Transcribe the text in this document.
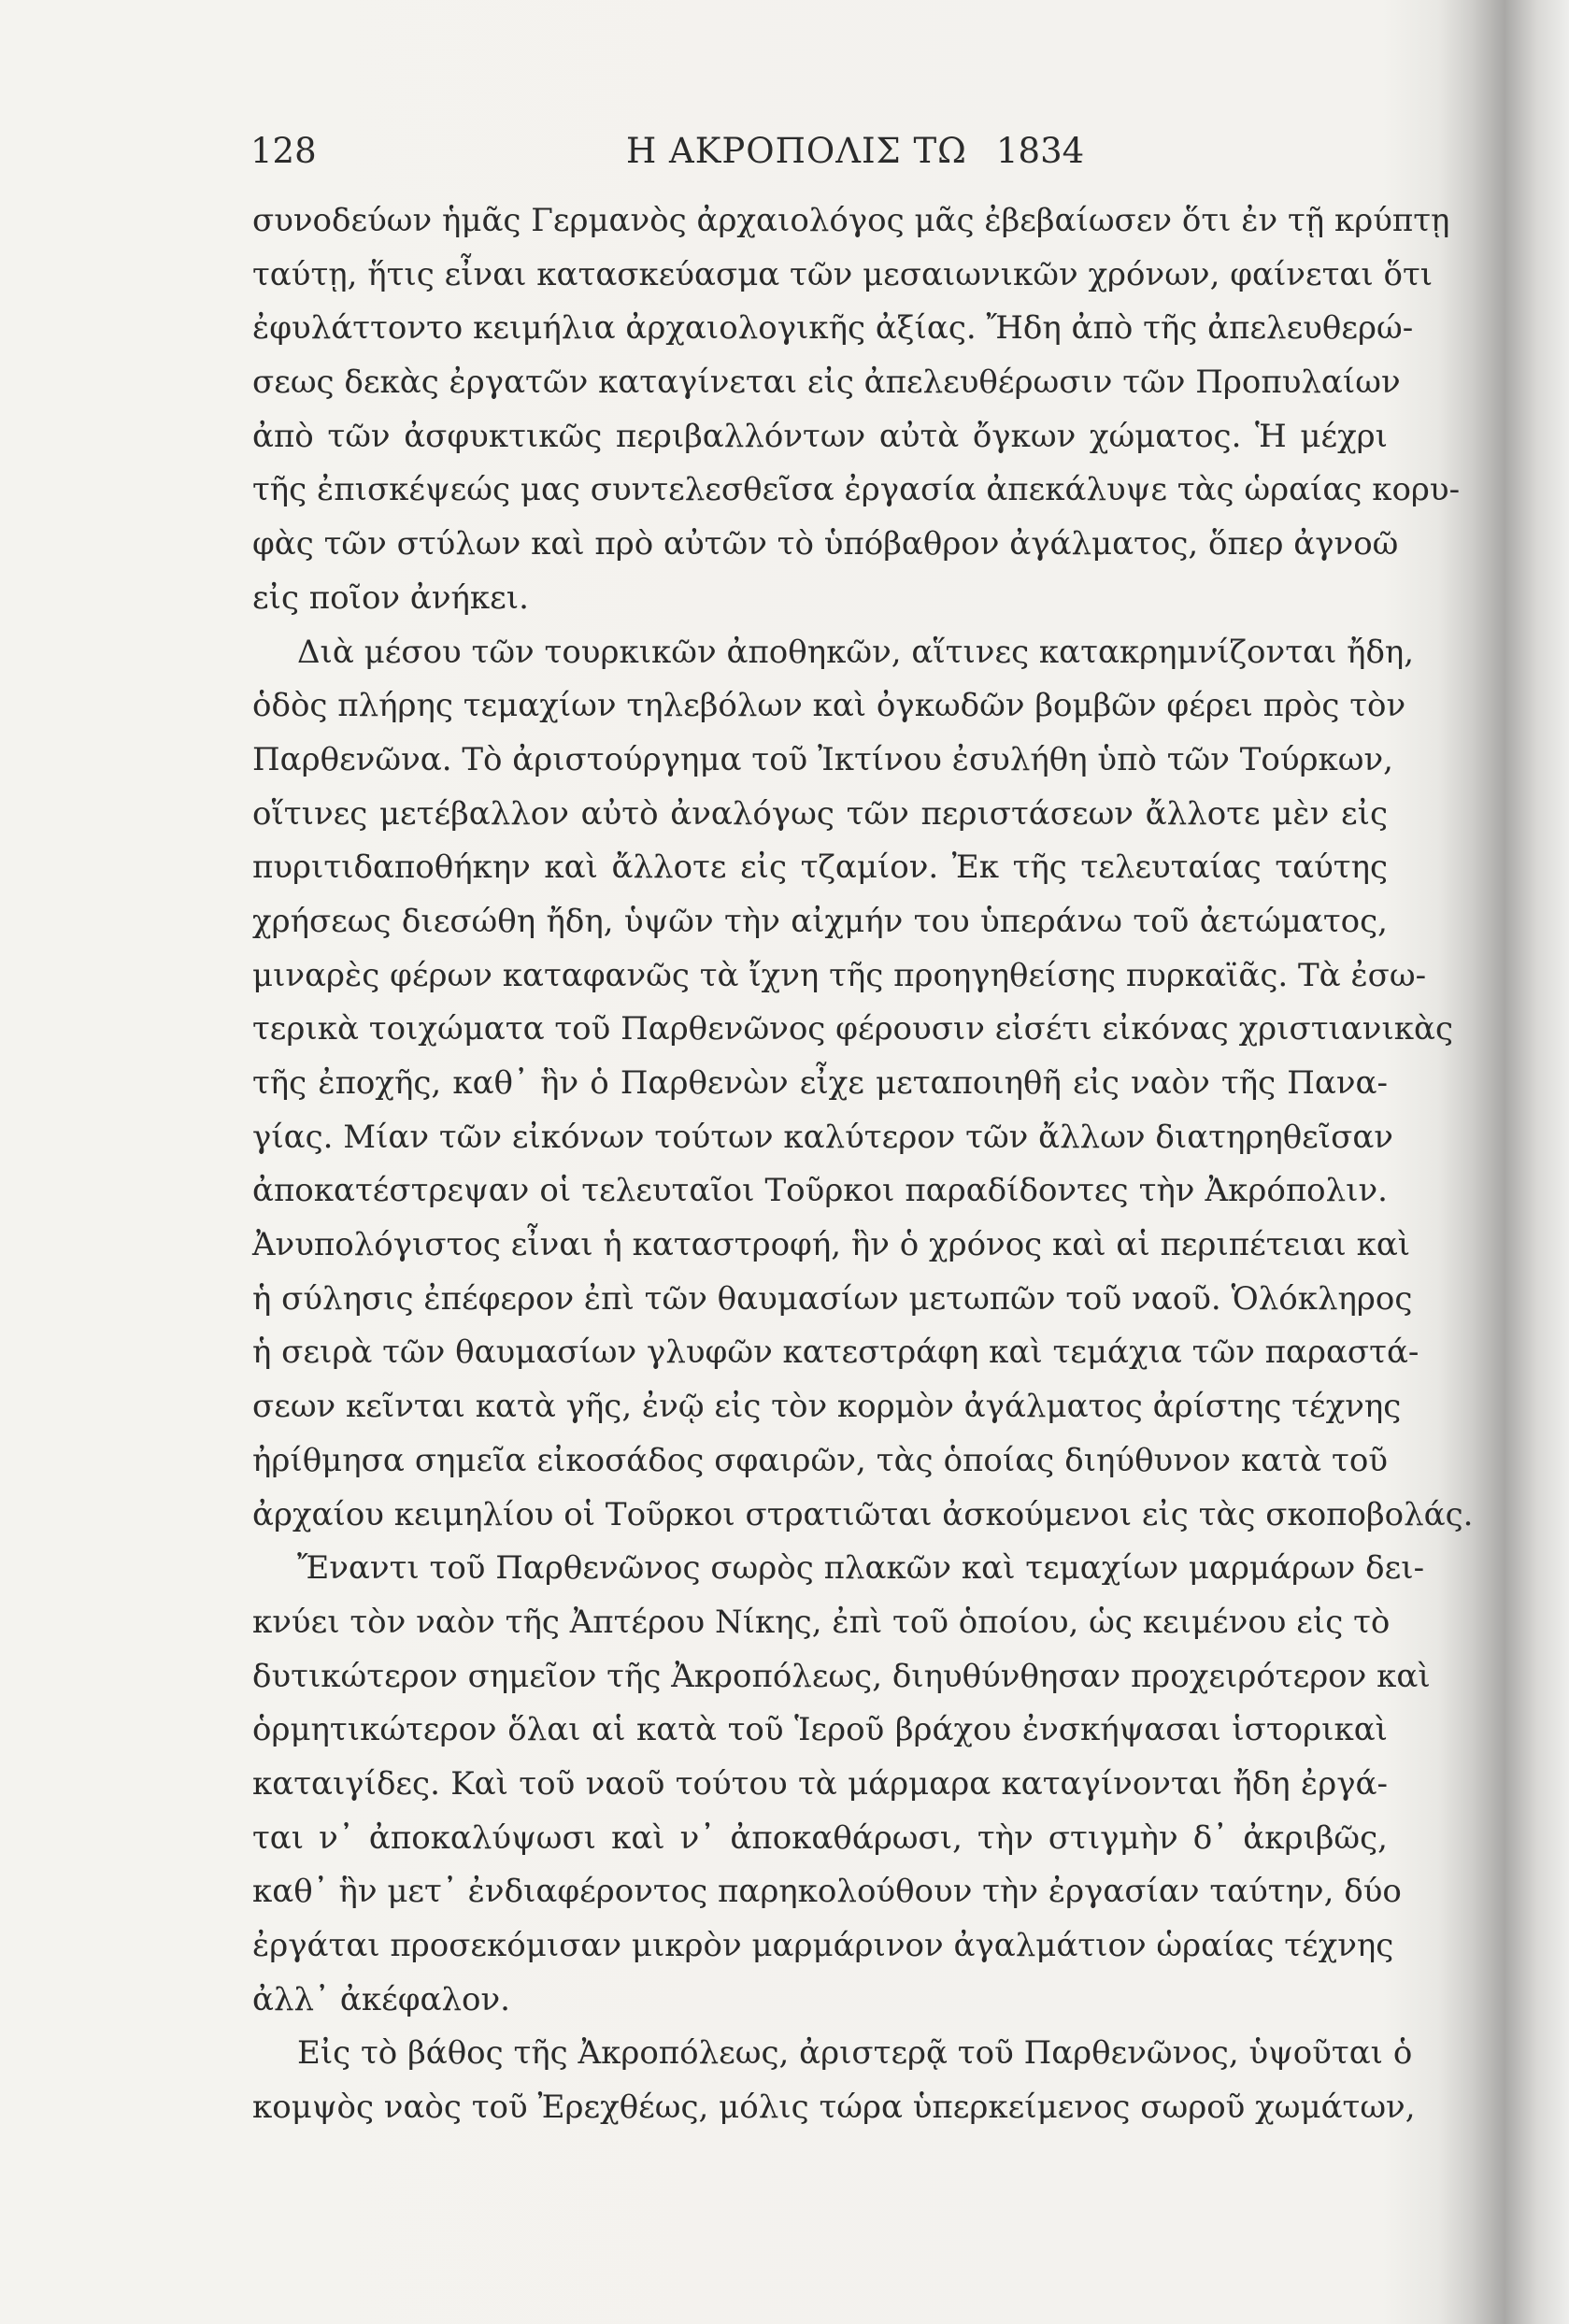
128	Η ΑΚΡΟΠΟΛΙΣ ΤΩ 1834
συνοδεύων ἡμᾶς Γερμανὸς ἀρχαιολόγος μᾶς ἐβεβαίωσεν ὅτι ἐν τῇ κρύπτῃ
ταύτῃ, ἥτις εἶναι κατασκεύασμα τῶν μεσαιωνικῶν χρόνων, φαίνεται ὅτι
ἐφυλάττοντο κειμήλια ἀρχαιολογικῆς ἀξίας. Ἤδη ἀπὸ τῆς ἀπελευθερώ-
σεως δεκὰς ἐργατῶν καταγίνεται εἰς ἀπελευθέρωσιν τῶν Προπυλαίων
ἀπὸ τῶν ἀσφυκτικῶς περιβαλλόντων αὐτὰ ὄγκων χώματος. Ἡ μέχρι
τῆς ἐπισκέψεώς μας συντελεσθεῖσα ἐργασία ἀπεκάλυψε τὰς ὡραίας κορυ-
φὰς τῶν στύλων καὶ πρὸ αὐτῶν τὸ ὑπόβαθρον ἀγάλματος, ὅπερ ἀγνοῶ
εἰς ποῖον ἀνήκει.
Διὰ μέσου τῶν τουρκικῶν ἀποθηκῶν, αἵτινες κατακρημνίζονται ἤδη,
ὁδὸς πλήρης τεμαχίων τηλεβόλων καὶ ὀγκωδῶν βομβῶν φέρει πρὸς τὸν
Παρθενῶνα. Τὸ ἀριστούργημα τοῦ Ἰκτίνου ἐσυλήθη ὑπὸ τῶν Τούρκων,
οἵτινες μετέβαλλον αὐτὸ ἀναλόγως τῶν περιστάσεων ἄλλοτε μὲν εἰς
πυριτιδαποθήκην καὶ ἄλλοτε εἰς τζαμίον. Ἐκ τῆς τελευταίας ταύτης
χρήσεως διεσώθη ἤδη, ὑψῶν τὴν αἰχμήν του ὑπεράνω τοῦ ἀετώματος,
μιναρὲς φέρων καταφανῶς τὰ ἴχνη τῆς προηγηθείσης πυρκαϊᾶς. Τὰ ἐσω-
τερικὰ τοιχώματα τοῦ Παρθενῶνος φέρουσιν εἰσέτι εἰκόνας χριστιανικὰς
τῆς ἐποχῆς, καθ᾽ ἣν ὁ Παρθενὼν εἶχε μεταποιηθῆ εἰς ναὸν τῆς Πανα-
γίας. Μίαν τῶν εἰκόνων τούτων καλύτερον τῶν ἄλλων διατηρηθεῖσαν
ἀποκατέστρεψαν οἱ τελευταῖοι Τοῦρκοι παραδίδοντες τὴν Ἀκρόπολιν.
Ἀνυπολόγιστος εἶναι ἡ καταστροφή, ἣν ὁ χρόνος καὶ αἱ περιπέτειαι καὶ
ἡ σύλησις ἐπέφερον ἐπὶ τῶν θαυμασίων μετωπῶν τοῦ ναοῦ. Ὁλόκληρος
ἡ σειρὰ τῶν θαυμασίων γλυφῶν κατεστράφη καὶ τεμάχια τῶν παραστά-
σεων κεῖνται κατὰ γῆς, ἐνῷ εἰς τὸν κορμὸν ἀγάλματος ἀρίστης τέχνης
ἠρίθμησα σημεῖα εἰκοσάδος σφαιρῶν, τὰς ὁποίας διηύθυνον κατὰ τοῦ
ἀρχαίου κειμηλίου οἱ Τοῦρκοι στρατιῶται ἀσκούμενοι εἰς τὰς σκοποβολάς.
Ἔναντι τοῦ Παρθενῶνος σωρὸς πλακῶν καὶ τεμαχίων μαρμάρων δει-
κνύει τὸν ναὸν τῆς Ἀπτέρου Νίκης, ἐπὶ τοῦ ὁποίου, ὡς κειμένου εἰς τὸ
δυτικώτερον σημεῖον τῆς Ἀκροπόλεως, διηυθύνθησαν προχειρότερον καὶ
ὁρμητικώτερον ὅλαι αἱ κατὰ τοῦ Ἱεροῦ βράχου ἐνσκήψασαι ἱστορικαὶ
καταιγίδες. Καὶ τοῦ ναοῦ τούτου τὰ μάρμαρα καταγίνονται ἤδη ἐργά-
ται ν᾽ ἀποκαλύψωσι καὶ ν᾽ ἀποκαθάρωσι, τὴν στιγμὴν δ᾽ ἀκριβῶς,
καθ᾽ ἣν μετ᾽ ἐνδιαφέροντος παρηκολούθουν τὴν ἐργασίαν ταύτην, δύο
ἐργάται προσεκόμισαν μικρὸν μαρμάρινον ἀγαλμάτιον ὡραίας τέχνης
ἀλλ᾽ ἀκέφαλον.
Εἰς τὸ βάθος τῆς Ἀκροπόλεως, ἀριστερᾷ τοῦ Παρθενῶνος, ὑψοῦται ὁ
κομψὸς ναὸς τοῦ Ἐρεχθέως, μόλις τώρα ὑπερκείμενος σωροῦ χωμάτων,
